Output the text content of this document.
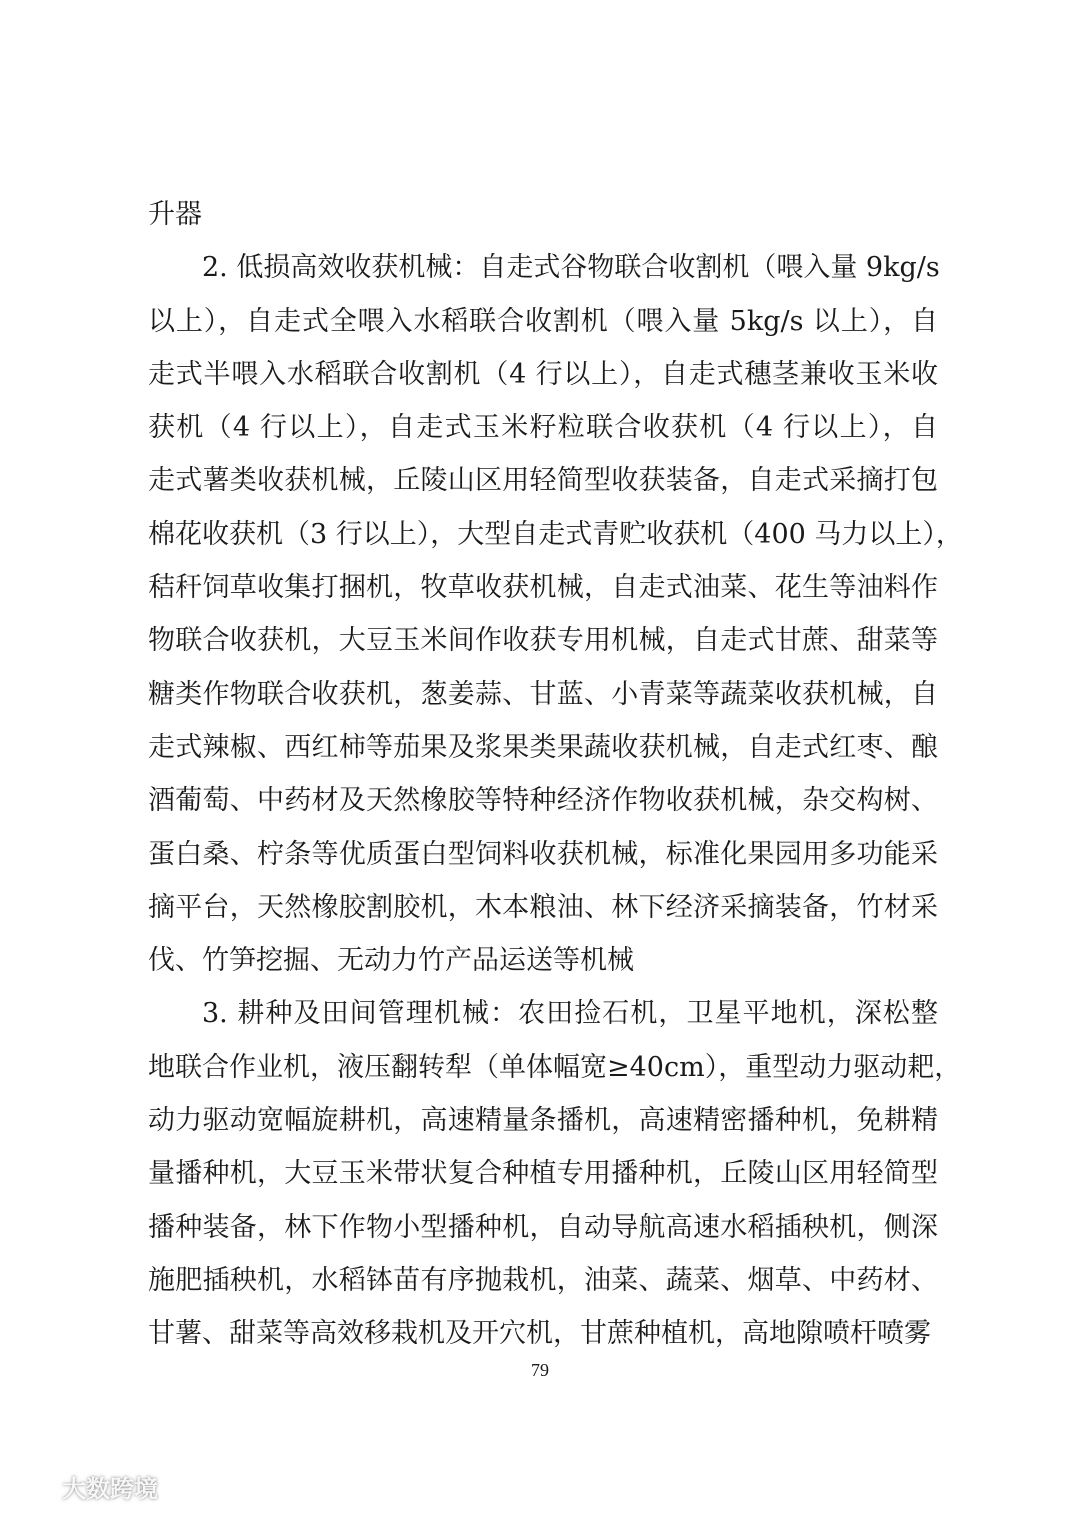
升器
2. 低损高效收获机械：自走式谷物联合收割机（喂入量 9kg/s
以上），自走式全喂入水稻联合收割机（喂入量 5kg/s 以上），自
走式半喂入水稻联合收割机（4 行以上），自走式穗茎兼收玉米收
获机（4 行以上），自走式玉米籽粒联合收获机（4 行以上），自
走式薯类收获机械，丘陵山区用轻简型收获装备，自走式采摘打包
棉花收获机（3 行以上），大型自走式青贮收获机（400 马力以上），
秸秆饲草收集打捆机，牧草收获机械，自走式油菜、花生等油料作
物联合收获机，大豆玉米间作收获专用机械，自走式甘蔗、甜菜等
糖类作物联合收获机，葱姜蒜、甘蓝、小青菜等蔬菜收获机械，自
走式辣椒、西红柿等茄果及浆果类果蔬收获机械，自走式红枣、酿
酒葡萄、中药材及天然橡胶等特种经济作物收获机械，杂交构树、
蛋白桑、柠条等优质蛋白型饲料收获机械，标准化果园用多功能采
摘平台，天然橡胶割胶机，木本粮油、林下经济采摘装备，竹材采
伐、竹笋挖掘、无动力竹产品运送等机械
3. 耕种及田间管理机械：农田捡石机，卫星平地机，深松整
地联合作业机，液压翻转犁（单体幅宽≥40cm），重型动力驱动耙，
动力驱动宽幅旋耕机，高速精量条播机，高速精密播种机，免耕精
量播种机，大豆玉米带状复合种植专用播种机，丘陵山区用轻简型
播种装备，林下作物小型播种机，自动导航高速水稻插秧机，侧深
施肥插秧机，水稻钵苗有序抛栽机，油菜、蔬菜、烟草、中药材、
甘薯、甜菜等高效移栽机及开穴机，甘蔗种植机，高地隙喷杆喷雾
79
大数跨境
